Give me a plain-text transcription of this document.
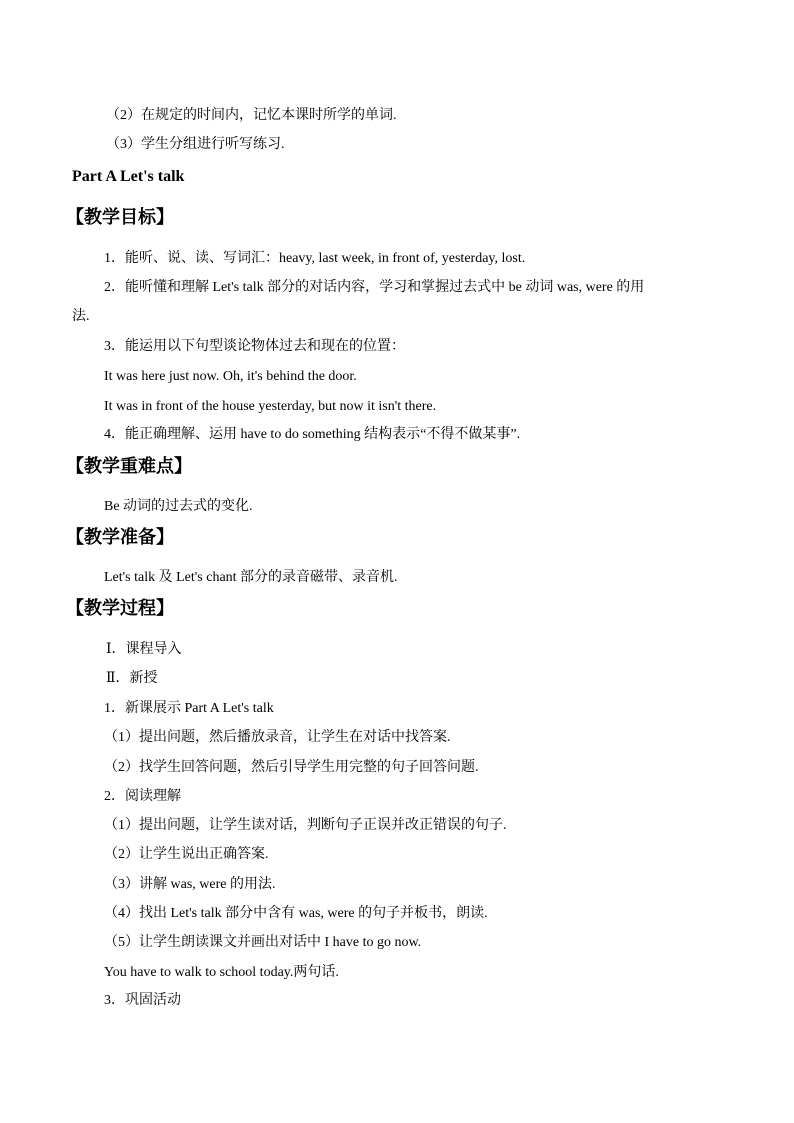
（2）在规定的时间内，记忆本课时所学的单词.
（3）学生分组进行听写练习.
Part A Let's talk
【教学目标】
1．能听、说、读、写词汇：heavy, last week, in front of, yesterday, lost.
2．能听懂和理解 Let's talk 部分的对话内容，学习和掌握过去式中 be 动词 was, were 的用
法.
3．能运用以下句型谈论物体过去和现在的位置：
It was here just now. Oh, it's behind the door.
It was in front of the house yesterday, but now it isn't there.
4．能正确理解、运用 have to do something 结构表示“不得不做某事”.
【教学重难点】
Be 动词的过去式的变化.
【教学准备】
Let's talk 及 Let's chant 部分的录音磁带、录音机.
【教学过程】
Ⅰ．课程导入
Ⅱ．新授
1．新课展示 Part A Let's talk
（1）提出问题，然后播放录音，让学生在对话中找答案.
（2）找学生回答问题，然后引导学生用完整的句子回答问题.
2．阅读理解
（1）提出问题，让学生读对话，判断句子正误并改正错误的句子.
（2）让学生说出正确答案.
（3）讲解 was, were 的用法.
（4）找出 Let's talk 部分中含有 was, were 的句子并板书，朗读.
（5）让学生朗读课文并画出对话中 I have to go now.
You have to walk to school today.两句话.
3．巩固活动
